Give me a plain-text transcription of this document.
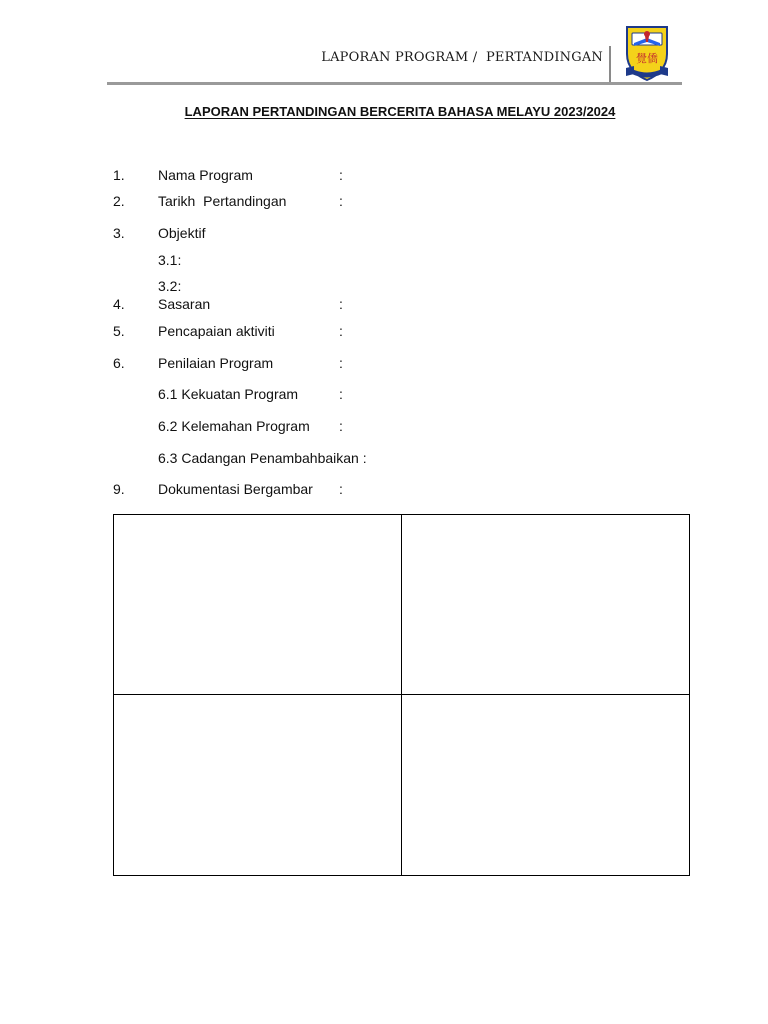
LAPORAN PROGRAM /  PERTANDINGAN	覺僑
LAPORAN PERTANDINGAN BERCERITA BAHASA MELAYU 2023/2024
1. Nama Program	:
2. Tarikh  Pertandingan	:
3. Objektif
3.1:
3.2:
4. Sasaran	:
5. Pencapaian aktiviti	:
6. Penilaian Program	:
6.1 Kekuatan Program	:
6.2 Kelemahan Program :
6.3 Cadangan Penambahbaikan :
9. Dokumentasi Bergambar :
